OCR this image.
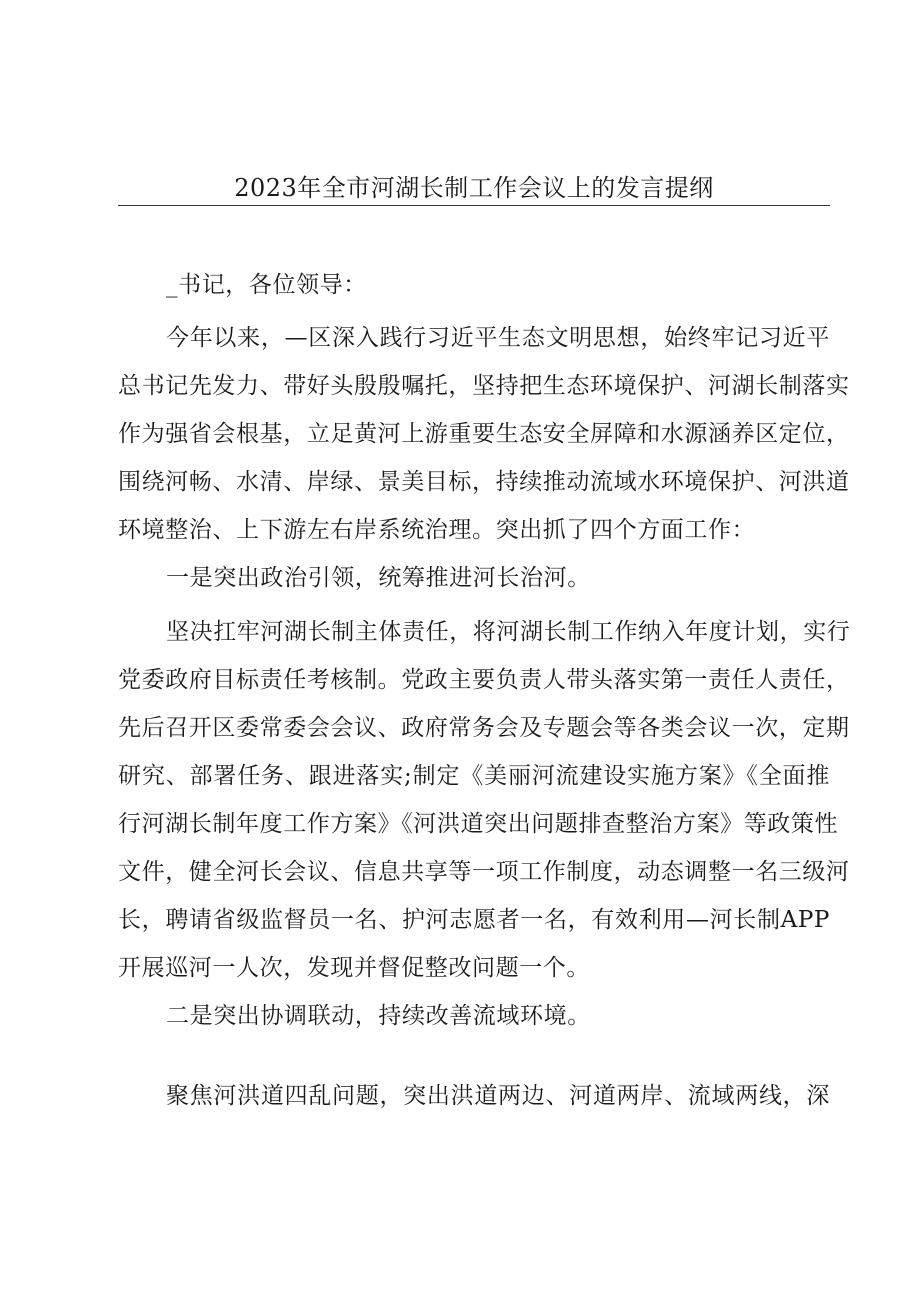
2023年全市河湖长制工作会议上的发言提纲
_书记，各位领导：
今年以来，—区深入践行习近平生态文明思想，始终牢记习近平
总书记先发力、带好头殷殷嘱托，坚持把生态环境保护、河湖长制落实
作为强省会根基，立足黄河上游重要生态安全屏障和水源涵养区定位，
围绕河畅、水清、岸绿、景美目标，持续推动流域水环境保护、河洪道
环境整治、上下游左右岸系统治理。突出抓了四个方面工作：
一是突出政治引领，统筹推进河长治河。
坚决扛牢河湖长制主体责任，将河湖长制工作纳入年度计划，实行
党委政府目标责任考核制。党政主要负责人带头落实第一责任人责任，
先后召开区委常委会会议、政府常务会及专题会等各类会议一次，定期
研究、部署任务、跟进落实;制定《美丽河流建设实施方案》《全面推
行河湖长制年度工作方案》《河洪道突出问题排查整治方案》等政策性
文件，健全河长会议、信息共享等一项工作制度，动态调整一名三级河
长，聘请省级监督员一名、护河志愿者一名，有效利用—河长制APP
开展巡河一人次，发现并督促整改问题一个。
二是突出协调联动，持续改善流域环境。
聚焦河洪道四乱问题，突出洪道两边、河道两岸、流域两线，深
